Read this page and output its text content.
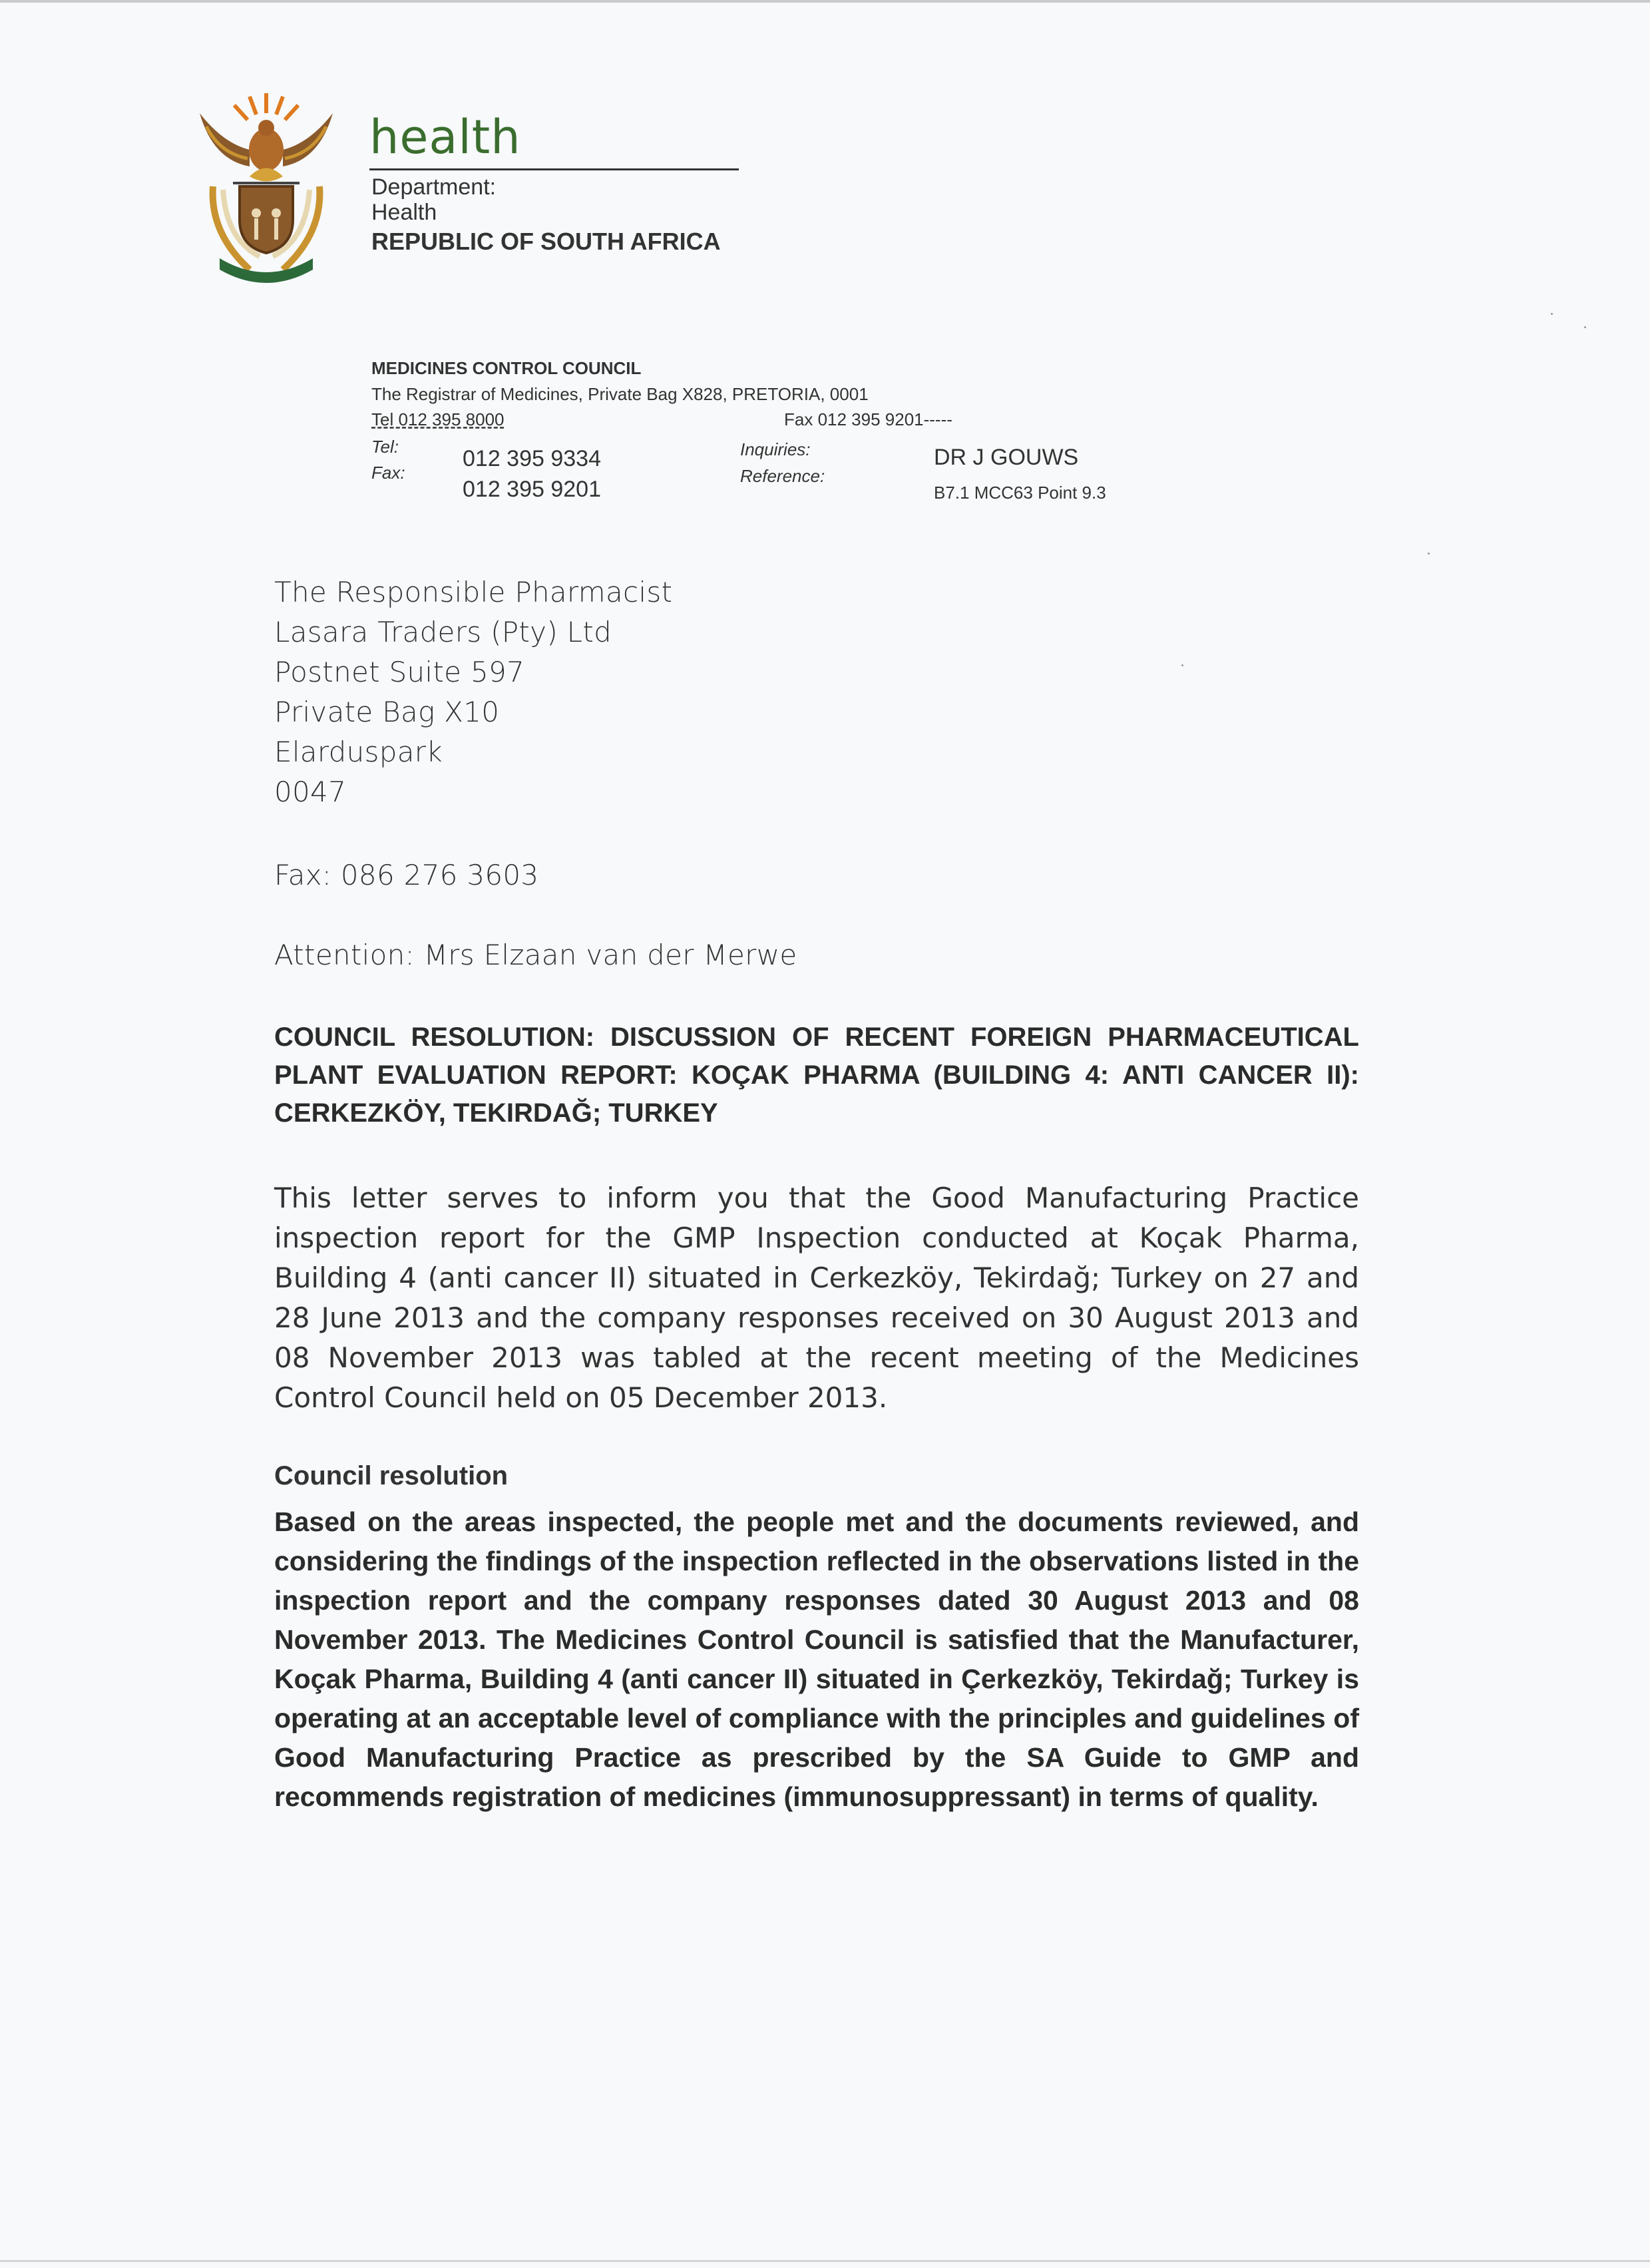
health
Department:
Health
REPUBLIC OF SOUTH AFRICA
MEDICINES CONTROL COUNCIL
The Registrar of Medicines, Private Bag X828, PRETORIA, 0001
Tel 012 395 8000	Fax 012 395 9201-----
Tel:
Fax:
012 395 9334
012 395 9201
Inquiries:
Reference:
DR J GOUWS
B7.1 MCC63 Point 9.3
The Responsible Pharmacist
Lasara Traders (Pty) Ltd
Postnet Suite 597
Private Bag X10
Elarduspark
0047
Fax: 086 276 3603
Attention: Mrs Elzaan van der Merwe
COUNCIL RESOLUTION: DISCUSSION OF RECENT FOREIGN PHARMACEUTICAL PLANT EVALUATION REPORT: KOÇAK PHARMA (BUILDING 4: ANTI CANCER II): CERKEZKÖY, TEKIRDAĞ; TURKEY
This letter serves to inform you that the Good Manufacturing Practice inspection report for the GMP Inspection conducted at Koçak Pharma, Building 4 (anti cancer II) situated in Cerkezköy, Tekirdağ; Turkey on 27 and 28 June 2013 and the company responses received on 30 August 2013 and 08 November 2013 was tabled at the recent meeting of the Medicines Control Council held on 05 December 2013.
Council resolution
Based on the areas inspected, the people met and the documents reviewed, and considering the findings of the inspection reflected in the observations listed in the inspection report and the company responses dated 30 August 2013 and 08 November 2013. The Medicines Control Council is satisfied that the Manufacturer, Koçak Pharma, Building 4 (anti cancer II) situated in Çerkezköy, Tekirdağ; Turkey is operating at an acceptable level of compliance with the principles and guidelines of Good Manufacturing Practice as prescribed by the SA Guide to GMP and recommends registration of medicines (immunosuppressant) in terms of quality.
